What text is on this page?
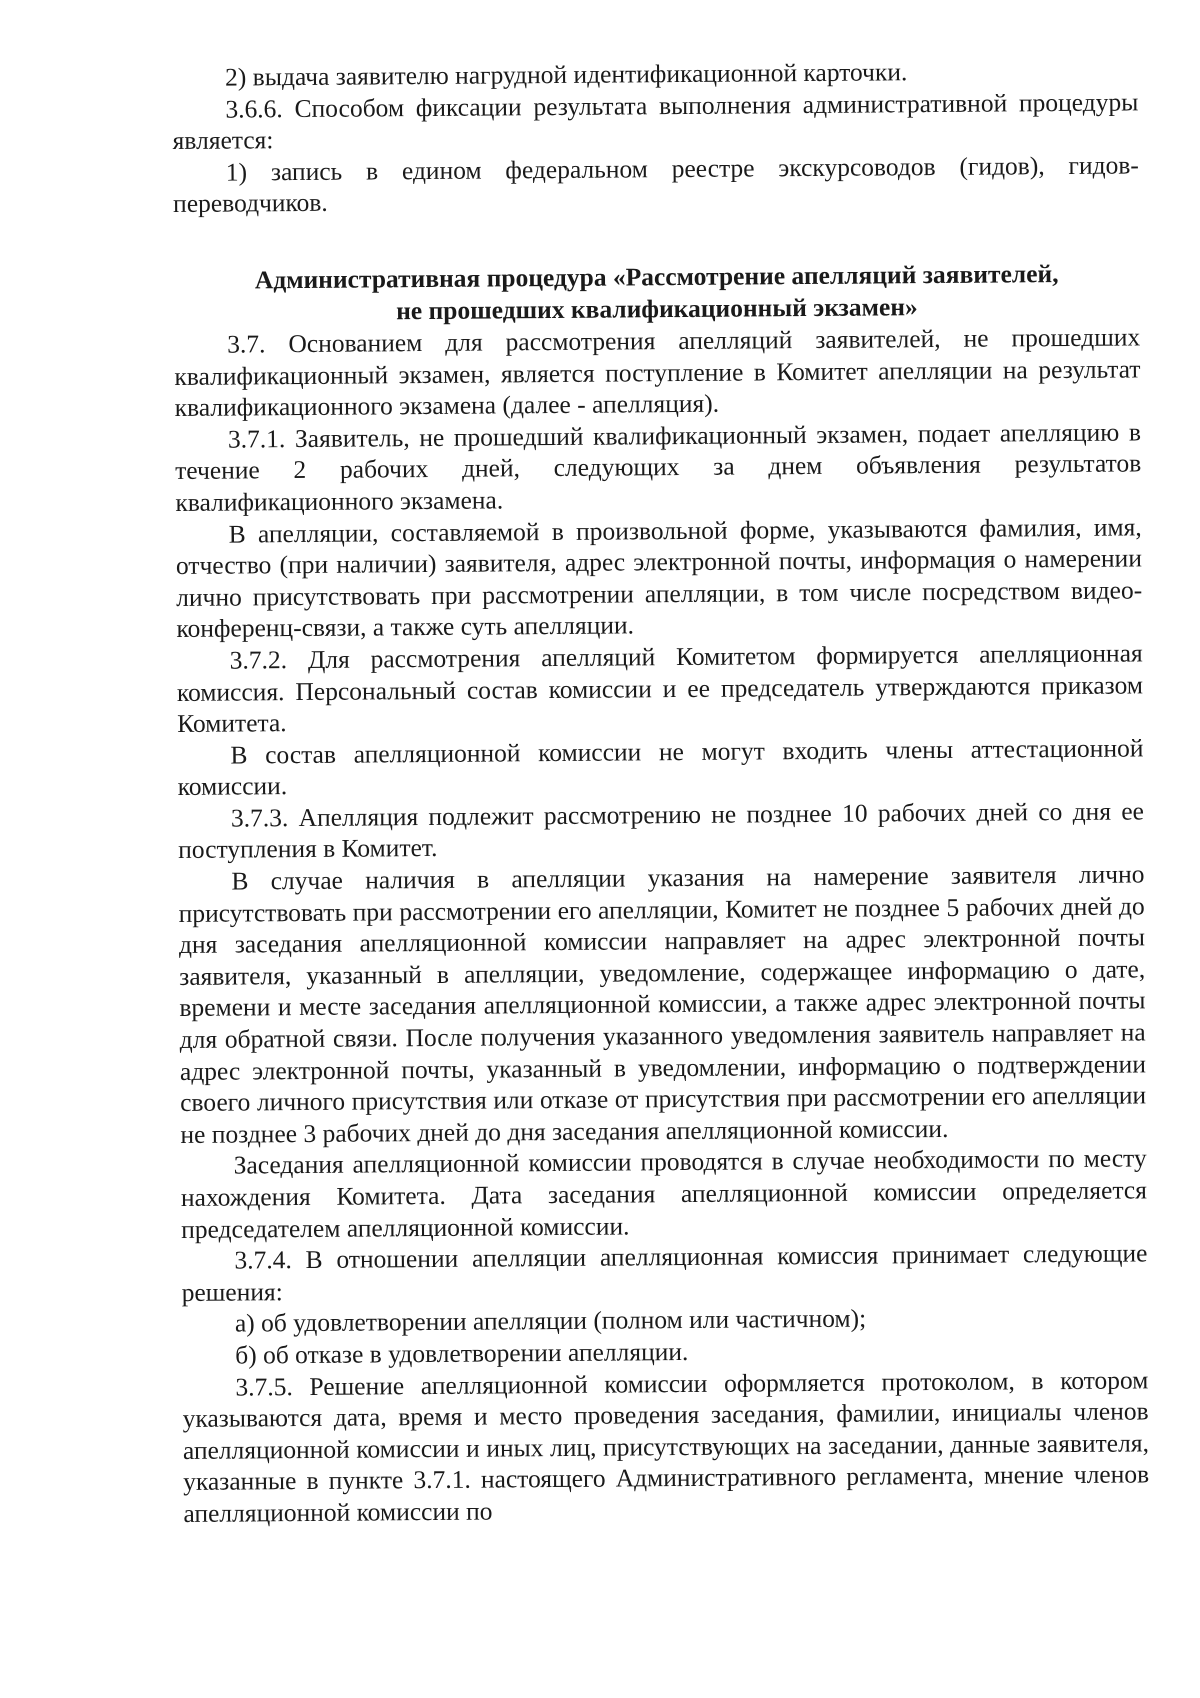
2) выдача заявителю нагрудной идентификационной карточки.

3.6.6. Способом фиксации результата выполнения административной процедуры является:

1) запись в едином федеральном реестре экскурсоводов (гидов), гидов-переводчиков.

Административная процедура «Рассмотрение апелляций заявителей,
не прошедших квалификационный экзамен»

3.7. Основанием для рассмотрения апелляций заявителей, не прошедших квалификационный экзамен, является поступление в Комитет апелляции на результат квалификационного экзамена (далее - апелляция).

3.7.1. Заявитель, не прошедший квалификационный экзамен, подает апелляцию в течение 2 рабочих дней, следующих за днем объявления результатов квалификационного экзамена.

В апелляции, составляемой в произвольной форме, указываются фамилия, имя, отчество (при наличии) заявителя, адрес электронной почты, информация о намерении лично присутствовать при рассмотрении апелляции, в том числе посредством видео-конференц-связи, а также суть апелляции.

3.7.2. Для рассмотрения апелляций Комитетом формируется апелляционная комиссия. Персональный состав комиссии и ее председатель утверждаются приказом Комитета.

В состав апелляционной комиссии не могут входить члены аттестационной комиссии.

3.7.3. Апелляция подлежит рассмотрению не позднее 10 рабочих дней со дня ее поступления в Комитет.

В случае наличия в апелляции указания на намерение заявителя лично присутствовать при рассмотрении его апелляции, Комитет не позднее 5 рабочих дней до дня заседания апелляционной комиссии направляет на адрес электронной почты заявителя, указанный в апелляции, уведомление, содержащее информацию о дате, времени и месте заседания апелляционной комиссии, а также адрес электронной почты для обратной связи. После получения указанного уведомления заявитель направляет на адрес электронной почты, указанный в уведомлении, информацию о подтверждении своего личного присутствия или отказе от присутствия при рассмотрении его апелляции не позднее 3 рабочих дней до дня заседания апелляционной комиссии.

Заседания апелляционной комиссии проводятся в случае необходимости по месту нахождения Комитета. Дата заседания апелляционной комиссии определяется председателем апелляционной комиссии.

3.7.4. В отношении апелляции апелляционная комиссия принимает следующие решения:

а) об удовлетворении апелляции (полном или частичном);

б) об отказе в удовлетворении апелляции.

3.7.5. Решение апелляционной комиссии оформляется протоколом, в котором указываются дата, время и место проведения заседания, фамилии, инициалы членов апелляционной комиссии и иных лиц, присутствующих на заседании, данные заявителя, указанные в пункте 3.7.1. настоящего Административного регламента, мнение членов апелляционной комиссии по
